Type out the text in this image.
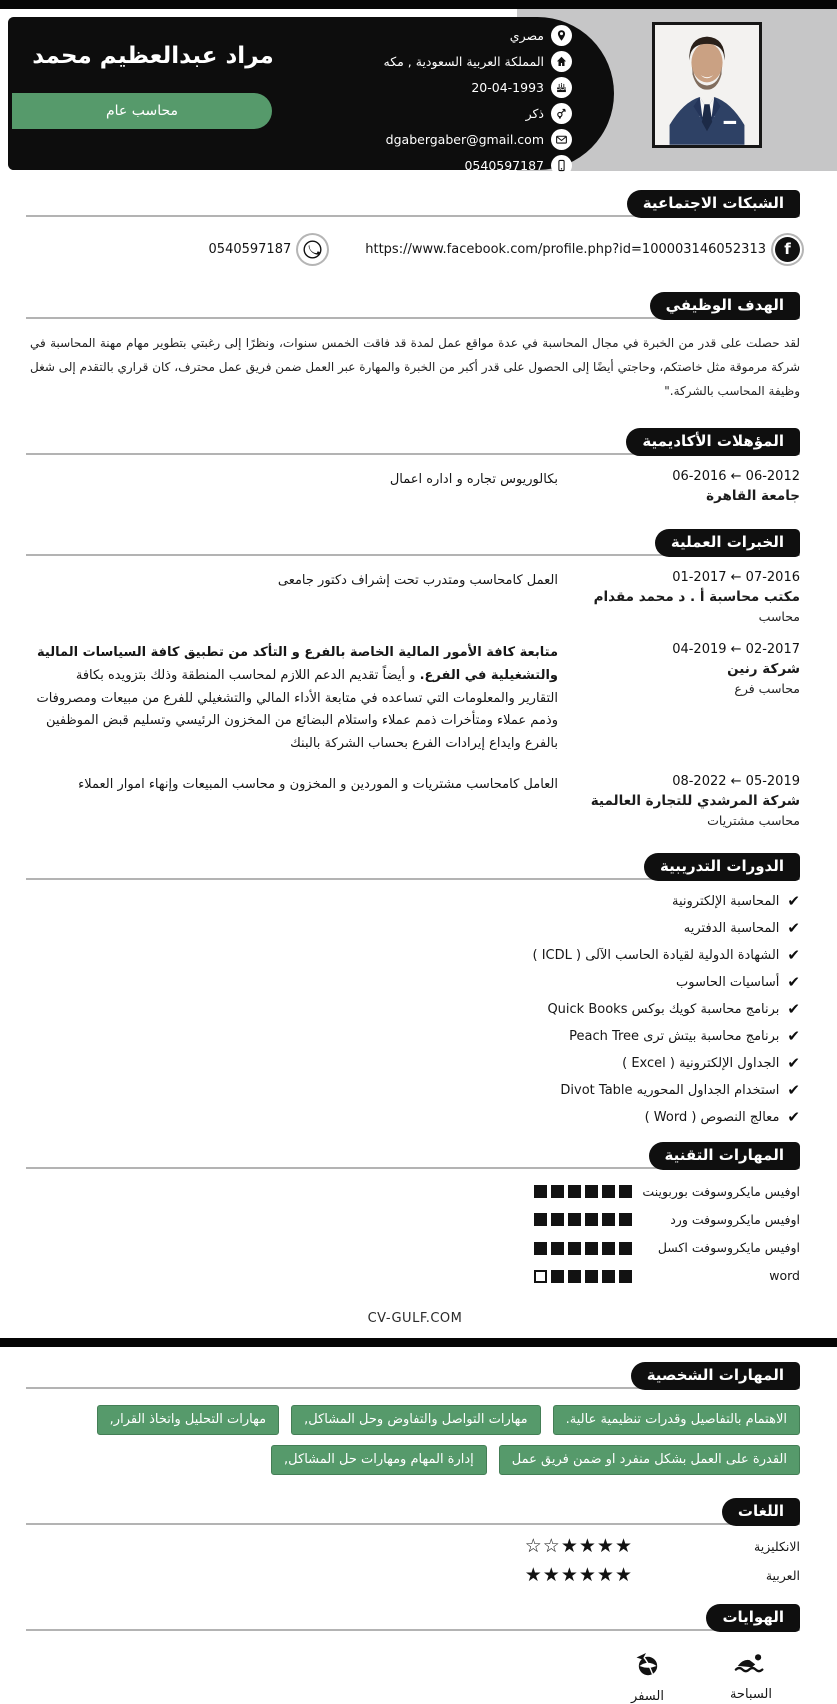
مراد عبدالعظيم محمد
محاسب عام
مصري
المملكة العربية السعودية , مكه
20-04-1993
ذكر
dgabergaber@gmail.com
0540597187
الشبكات الاجتماعية
f
https://www.facebook.com/profile.php?id=100003146052313
0540597187
الهدف الوظيفي

لقد حصلت على قدر من الخبرة في مجال المحاسبة في عدة مواقع عمل لمدة قد فاقت الخمس سنوات، ونظرًا إلى رغبتي بتطوير مهام مهنة المحاسبة في شركة مرموقة مثل خاصتكم، وحاجتي أيضًا إلى الحصول على قدر أكبر من الخبرة والمهارة عبر العمل ضمن فريق عمل محترف، كان قراري بالتقدم إلى شغل وظيفة المحاسب بالشركة."

المؤهلات الأكاديمية
06-2016 ← 06-2012
جامعة القاهرة
بكالوريوس تجاره و اداره اعمال
الخبرات العملية
01-2017 ← 07-2016
مكتب محاسبة أ . د محمد مقدام
محاسب
العمل كامحاسب ومتدرب تحت إشراف دكتور جامعى
04-2019 ← 02-2017
شركة رنين
محاسب فرع
متابعة كافة الأمور المالية الخاصة بالفرع و التأكد من تطبيق كافة السياسات المالية والتشغيلية في الفرع. و أيضاً تقديم الدعم اللازم لمحاسب المنطقة وذلك بتزويده بكافة التقارير والمعلومات التي تساعده في متابعة الأداء المالي والتشغيلي للفرع من مبيعات ومصروفات وذمم عملاء ومتأخرات ذمم عملاء واستلام البضائع من المخزون الرئيسي وتسليم قبض الموظفين بالفرع وايداع إيرادات الفرع بحساب الشركة بالبنك
08-2022 ← 05-2019
شركة المرشدي للتجارة العالمية
محاسب مشتريات
العامل كامحاسب مشتريات و الموردين و المخزون و محاسب المبيعات وإنهاء اموار العملاء
الدورات التدريبية
✔
المحاسبة الإلكترونية
✔
المحاسبة الدفتريه
✔
الشهادة الدولية لقيادة الحاسب الآلى ( ICDL )
✔
أساسيات الحاسوب
✔
برنامج محاسبة كويك بوكس Quick Books
✔
برنامج محاسبة بيتش ترى Peach Tree
✔
الجداول الإلكترونية ( Excel )
✔
استخدام الجداول المحوريه Divot Table
✔
معالج النصوص ( Word )
المهارات التقنية
اوفيس مايكروسوفت بوربوينت
اوفيس مايكروسوفت ورد
اوفيس مايكروسوفت اكسل
word
CV-GULF.COM
المهارات الشخصية
الاهتمام بالتفاصيل وقدرات تنظيمية عالية.
مهارات التواصل والتفاوض وحل المشاكل,
مهارات التحليل واتخاذ القرار,
القدرة على العمل بشكل منفرد او ضمن فريق عمل
إدارة المهام ومهارات حل المشاكل,
اللغات
الانكليزية
★
★
★
★
☆
☆
العربية
★
★
★
★
★
★
الهوايات
السباحة
السفر
